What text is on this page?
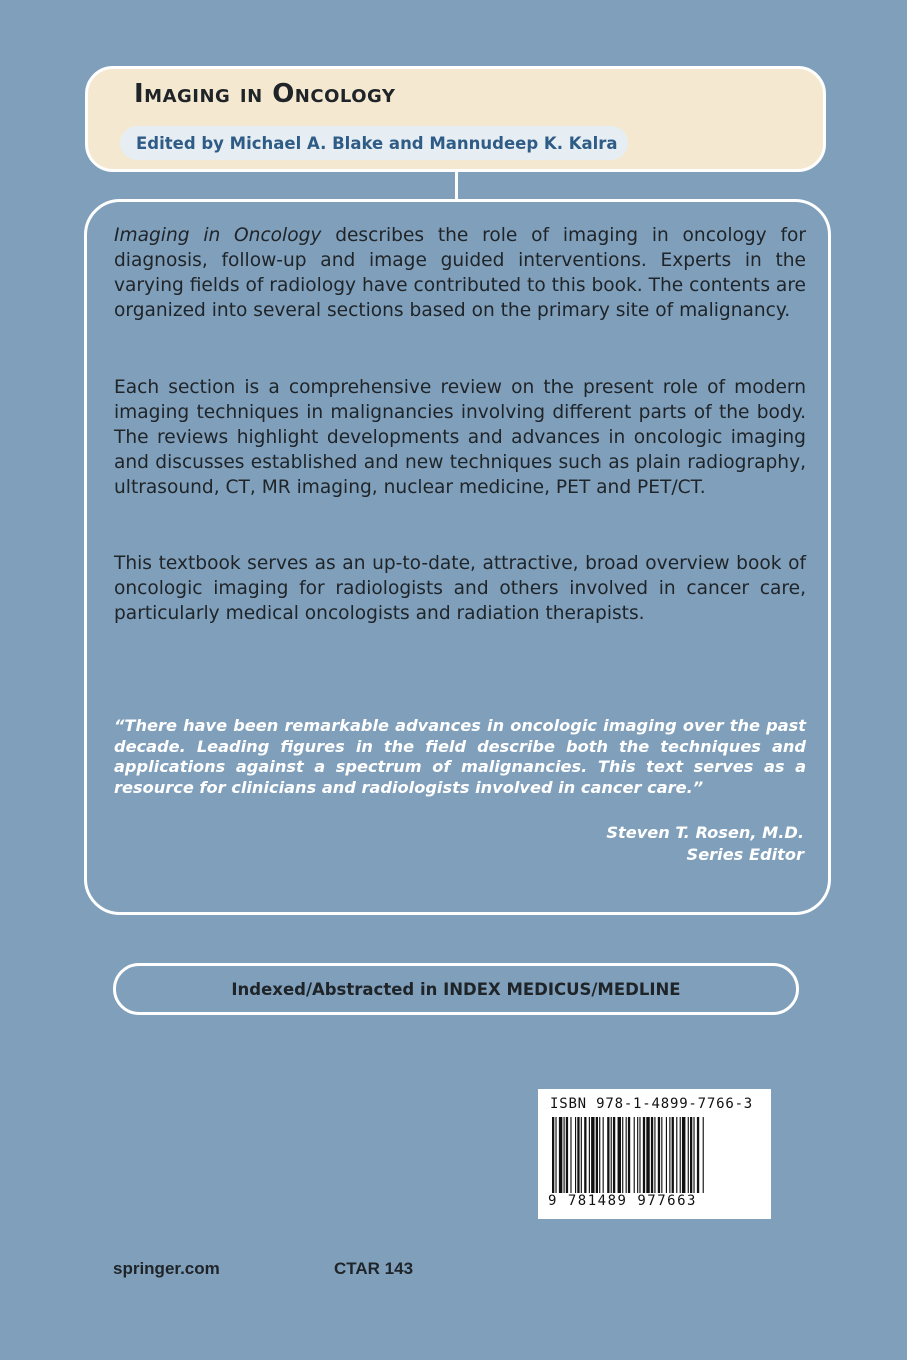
Imaging in Oncology
Edited by Michael A. Blake and Mannudeep K. Kalra

Imaging in Oncology describes the role of imaging in oncology for diagnosis, follow-up and image guided interventions. Experts in the varying fields of radiology have contributed to this book. The contents are organized into several sections based on the primary site of malignancy.

Each section is a comprehensive review on the present role of modern imaging techniques in malignancies involving different parts of the body. The reviews highlight developments and advances in oncologic imaging and discusses established and new techniques such as plain radiography, ultrasound, CT, MR imaging, nuclear medicine, PET and PET/CT.

This textbook serves as an up-to-date, attractive, broad overview book of oncologic imaging for radiologists and others involved in cancer care, particularly medical oncologists and radiation therapists.

“There have been remarkable advances in oncologic imaging over the past decade. Leading figures in the field describe both the techniques and applications against a spectrum of malignancies. This text serves as a resource for clinicians and radiologists involved in cancer care.”

Steven T. Rosen, M.D.
Series Editor
Indexed/Abstracted in INDEX MEDICUS/MEDLINE

ISBN 978-1-4899-7766-3

9 781489 977663

springer.com	CTAR 143
